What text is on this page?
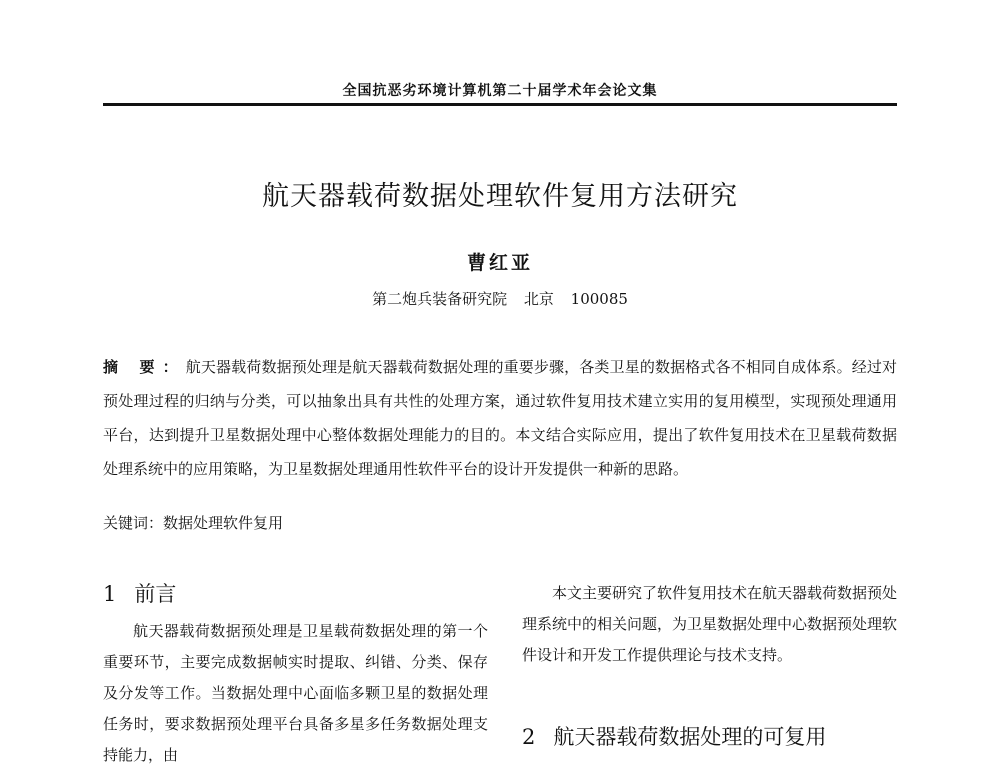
全国抗恶劣环境计算机第二十届学术年会论文集
航天器载荷数据处理软件复用方法研究
曹红亚
第二炮兵装备研究院 北京 100085
摘 要：航天器载荷数据预处理是航天器载荷数据处理的重要步骤，各类卫星的数据格式各不相同自成体系。经过对预处理过程的归纳与分类，可以抽象出具有共性的处理方案，通过软件复用技术建立实用的复用模型，实现预处理通用平台，达到提升卫星数据处理中心整体数据处理能力的目的。本文结合实际应用，提出了软件复用技术在卫星载荷数据处理系统中的应用策略，为卫星数据处理通用性软件平台的设计开发提供一种新的思路。
关键词：数据处理软件复用
1 前言

航天器载荷数据预处理是卫星载荷数据处理的第一个重要环节，主要完成数据帧实时提取、纠错、分类、保存及分发等工作。当数据处理中心面临多颗卫星的数据处理任务时，要求数据预处理平台具备多星多任务数据处理支持能力，由

本文主要研究了软件复用技术在航天器载荷数据预处理系统中的相关问题，为卫星数据处理中心数据预处理软件设计和开发工作提供理论与技术支持。

2 航天器载荷数据处理的可复用
